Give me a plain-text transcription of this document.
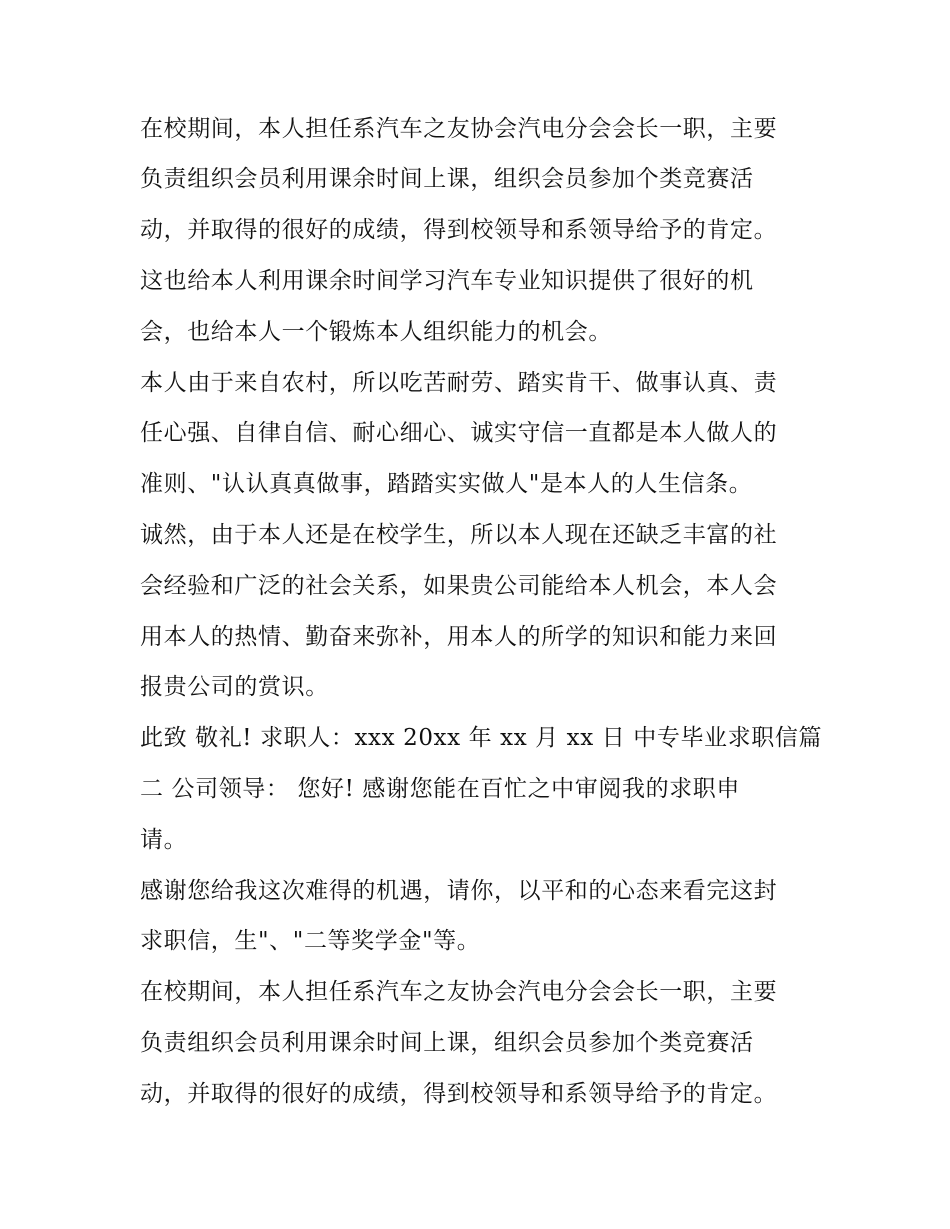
在校期间，本人担任系汽车之友协会汽电分会会长一职，主要
负责组织会员利用课余时间上课，组织会员参加个类竞赛活
动，并取得的很好的成绩，得到校领导和系领导给予的肯定。
这也给本人利用课余时间学习汽车专业知识提供了很好的机
会，也给本人一个锻炼本人组织能力的机会。
本人由于来自农村，所以吃苦耐劳、踏实肯干、做事认真、责
任心强、自律自信、耐心细心、诚实守信一直都是本人做人的
准则、"认认真真做事，踏踏实实做人"是本人的人生信条。
诚然，由于本人还是在校学生，所以本人现在还缺乏丰富的社
会经验和广泛的社会关系，如果贵公司能给本人机会，本人会
用本人的热情、勤奋来弥补，用本人的所学的知识和能力来回
报贵公司的赏识。
此致 敬礼! 求职人：xxx 20xx 年 xx 月 xx 日 中专毕业求职信篇
二 公司领导： 您好! 感谢您能在百忙之中审阅我的求职申
请。
感谢您给我这次难得的机遇，请你，以平和的心态来看完这封
求职信，生"、"二等奖学金"等。
在校期间，本人担任系汽车之友协会汽电分会会长一职，主要
负责组织会员利用课余时间上课，组织会员参加个类竞赛活
动，并取得的很好的成绩，得到校领导和系领导给予的肯定。
